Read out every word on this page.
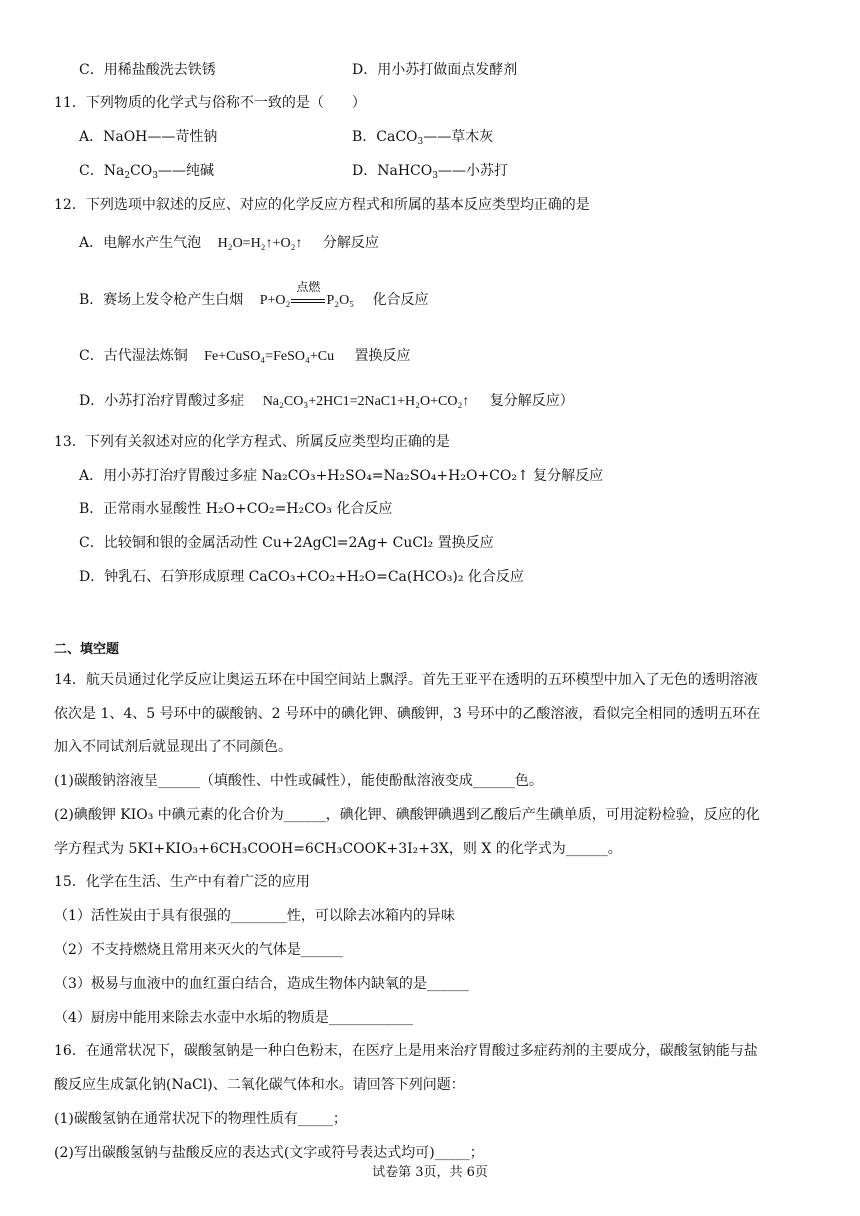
C．用稀盐酸洗去铁锈	D．用小苏打做面点发酵剂
11．下列物质的化学式与俗称不一致的是（　　）
A．NaOH——苛性钠	B．CaCO$_3$——草木灰
C．$Na_2CO_3——$纯碱	D．NaHCO$_3$——小苏打
12．下列选项中叙述的反应、对应的化学反应方程式和所属的基本反应类型均正确的是
A．电解水产生气泡 H₂O=H₂↑+O₂↑ 分解反应
B．赛场上发令枪产生白烟 P+O₂
点燃
P₂O₅ 化合反应
C．古代湿法炼铜 Fe+CuSO₄=FeSO₄+Cu 置换反应
D．小苏打治疗胃酸过多症 Na₂CO₃+2HC1=2NaC1+H₂O+CO₂↑ 复分解反应）
13．下列有关叙述对应的化学方程式、所属反应类型均正确的是
A．用小苏打治疗胃酸过多症 Na₂CO₃+H₂SO₄=Na₂SO₄+H₂O+CO₂↑ 复分解反应
B．正常雨水显酸性 H₂O+CO₂=H₂CO₃ 化合反应
C．比较铜和银的金属活动性 Cu+2AgCl=2Ag+ CuCl₂ 置换反应
D．钟乳石、石笋形成原理 CaCO₃+CO₂+H₂O=Ca(HCO₃)₂ 化合反应
二、填空题
14．航天员通过化学反应让奥运五环在中国空间站上飘浮。首先王亚平在透明的五环模型中加入了无色的透明溶液
依次是 1、4、5 号环中的碳酸钠、2 号环中的碘化钾、碘酸钾，3 号环中的乙酸溶液，看似完全相同的透明五环在
加入不同试剂后就显现出了不同颜色。
(1)碳酸钠溶液呈______（填酸性、中性或碱性），能使酚酞溶液变成______色。
(2)碘酸钾 KIO₃ 中碘元素的化合价为______，碘化钾、碘酸钾碘遇到乙酸后产生碘单质，可用淀粉检验，反应的化
学方程式为 5KI+KIO₃+6CH₃COOH=6CH₃COOK+3I₂+3X，则 X 的化学式为______。
15．化学在生活、生产中有着广泛的应用
（1）活性炭由于具有很强的________性，可以除去冰箱内的异味
（2）不支持燃烧且常用来灭火的气体是______
（3）极易与血液中的血红蛋白结合，造成生物体内缺氧的是______
（4）厨房中能用来除去水壶中水垢的物质是____________
16．在通常状况下，碳酸氢钠是一种白色粉末，在医疗上是用来治疗胃酸过多症药剂的主要成分，碳酸氢钠能与盐
酸反应生成氯化钠(NaCl)、二氧化碳气体和水。请回答下列问题：
(1)碳酸氢钠在通常状况下的物理性质有_____；
(2)写出碳酸氢钠与盐酸反应的表达式(文字或符号表达式均可)_____；
试卷第 3页，共 6页
